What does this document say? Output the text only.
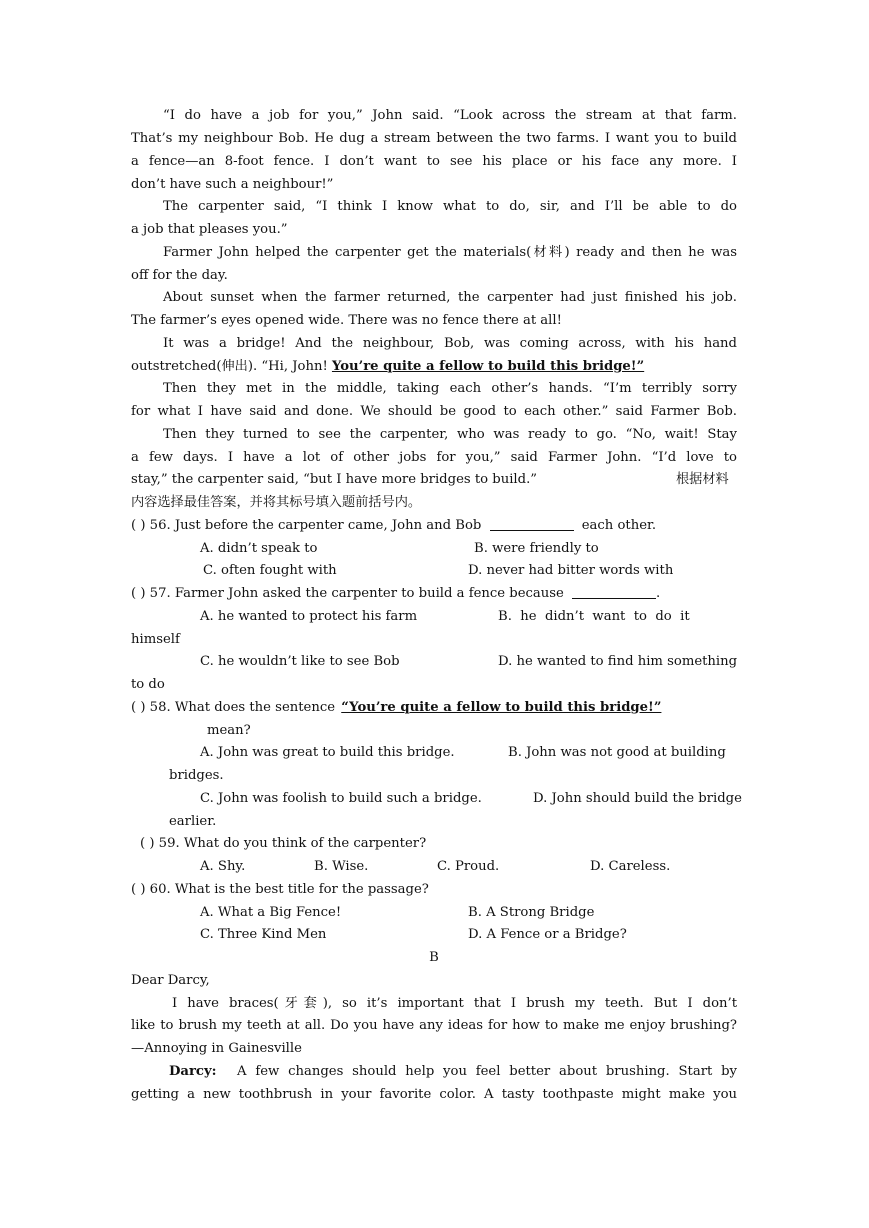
“I do have a job for you,” John said. “Look across the stream at that farm.
That’s my neighbour Bob. He dug a stream between the two farms. I want you to build
a fence—an 8-foot fence. I don’t want to see his place or his face any more. I
don’t have such a neighbour!”
The carpenter said, “I think I know what to do, sir, and I’ll be able to do
a job that pleases you.”
Farmer John helped the carpenter get the materials(材料) ready and then he was
off for the day.
About sunset when the farmer returned, the carpenter had just finished his job.
The farmer’s eyes opened wide. There was no fence there at all!
It was a bridge! And the neighbour, Bob, was coming across, with his hand
outstretched(伸出). “Hi, John! You’re quite a fellow to build this bridge!”
Then they met in the middle, taking each other’s hands. “I’m terribly sorry
for what I have said and done. We should be good to each other.” said Farmer Bob.
Then they turned to see the carpenter, who was ready to go. “No, wait! Stay
a few days. I have a lot of other jobs for you,” said Farmer John. “I’d love to
stay,” the carpenter said, “but I have more bridges to build.”	根据材料
内容选择最佳答案，并将其标号填入题前括号内。
( ) 56. Just before the carpenter came, John and Bob	each other.
A. didn’t speak to	B. were friendly to
C. often fought with	D. never had bitter words with
( ) 57. Farmer John asked the carpenter to build a fence because	.
A. he wanted to protect his farm	B.  he  didn’t  want  to  do  it
himself
C. he wouldn’t like to see Bob	D. he wanted to find him something
to do
( ) 58. What does the sentence “You’re quite a fellow to build this bridge!”
mean?
A. John was great to build this bridge.	B. John was not good at building
bridges.
C. John was foolish to build such a bridge.	D. John should build the bridge
earlier.
( ) 59. What do you think of the carpenter?
A. Shy.	B. Wise.	C. Proud.	D. Careless.
( ) 60. What is the best title for the passage?
A. What a Big Fence!	B. A Strong Bridge
C. Three Kind Men	D. A Fence or a Bridge?
B
Dear Darcy,
I have braces(牙套), so it’s important that I brush my teeth. But I don’t
like to brush my teeth at all. Do you have any ideas for how to make me enjoy brushing?
—Annoying in Gainesville
Darcy: A few changes should help you feel better about brushing. Start by
getting a new toothbrush in your favorite color. A tasty toothpaste might make you
